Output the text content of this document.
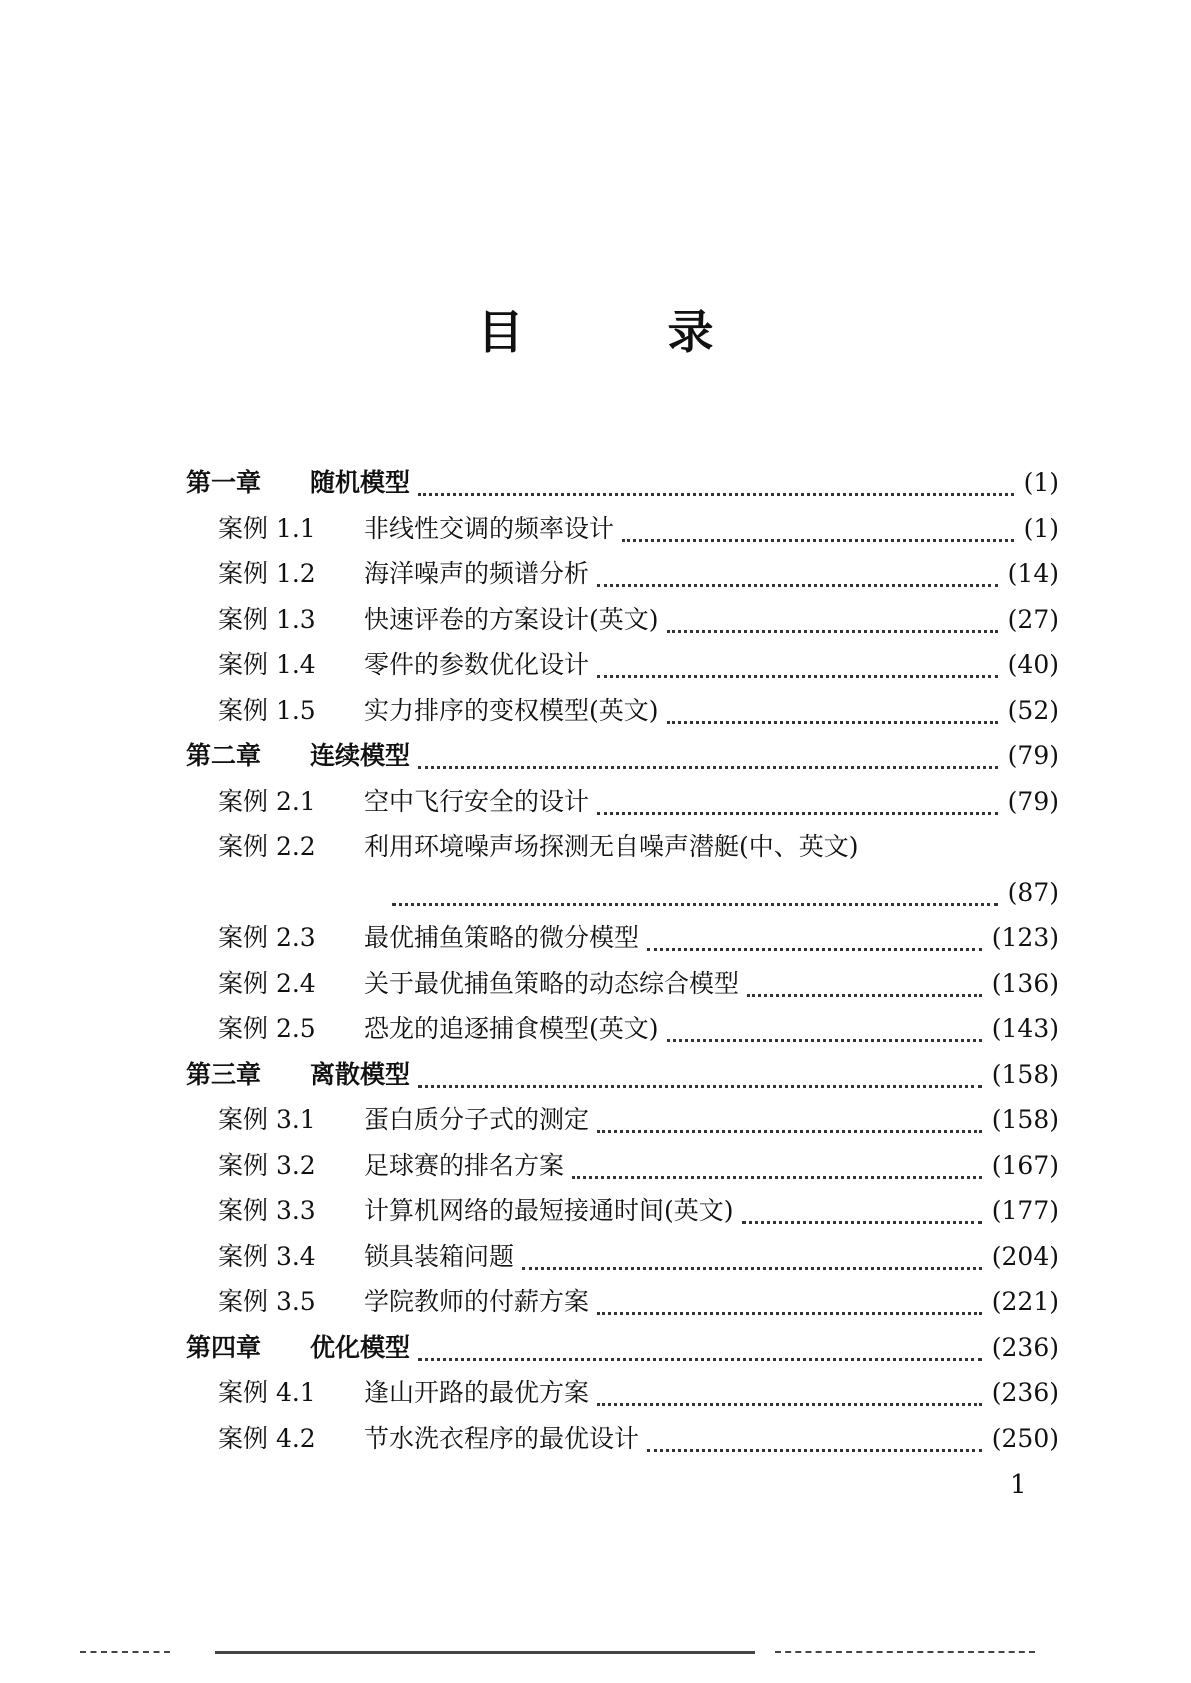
目 录
第一章 随机模型	(1)
案例 1.1 非线性交调的频率设计	(1)
案例 1.2 海洋噪声的频谱分析	(14)
案例 1.3 快速评卷的方案设计(英文)	(27)
案例 1.4 零件的参数优化设计	(40)
案例 1.5 实力排序的变权模型(英文)	(52)
第二章 连续模型	(79)
案例 2.1 空中飞行安全的设计	(79)
案例 2.2 利用环境噪声场探测无自噪声潜艇(中、英文)
(87)
案例 2.3 最优捕鱼策略的微分模型	(123)
案例 2.4 关于最优捕鱼策略的动态综合模型	(136)
案例 2.5 恐龙的追逐捕食模型(英文)	(143)
第三章 离散模型	(158)
案例 3.1 蛋白质分子式的测定	(158)
案例 3.2 足球赛的排名方案	(167)
案例 3.3 计算机网络的最短接通时间(英文)	(177)
案例 3.4 锁具装箱问题	(204)
案例 3.5 学院教师的付薪方案	(221)
第四章 优化模型	(236)
案例 4.1 逢山开路的最优方案	(236)
案例 4.2 节水洗衣程序的最优设计	(250)
1
